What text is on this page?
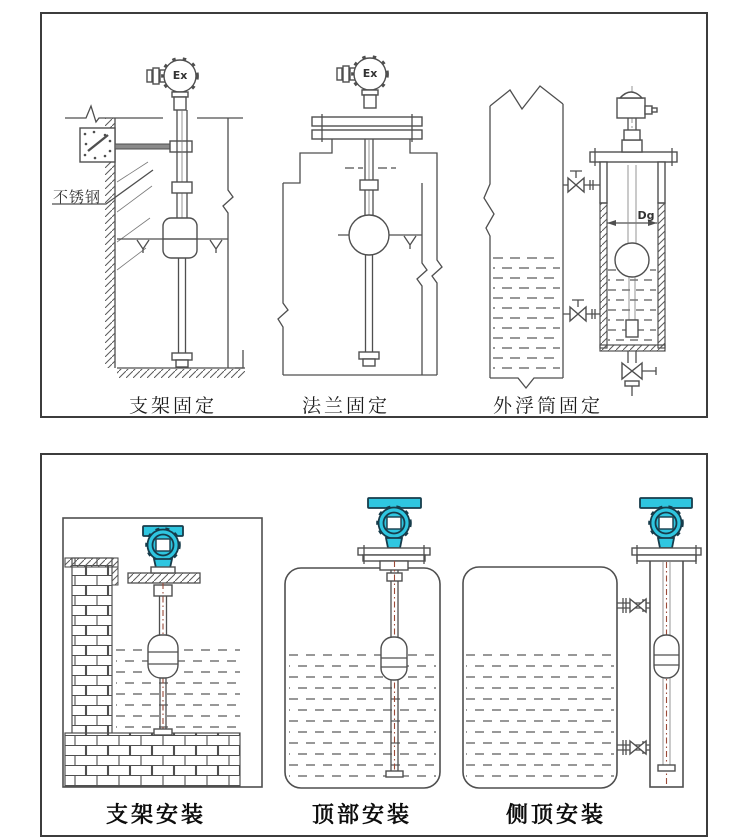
不锈钢
Ex	Ex
Dg
支架固定	法兰固定	外浮筒固定
支架安装	顶部安装	侧顶安装
